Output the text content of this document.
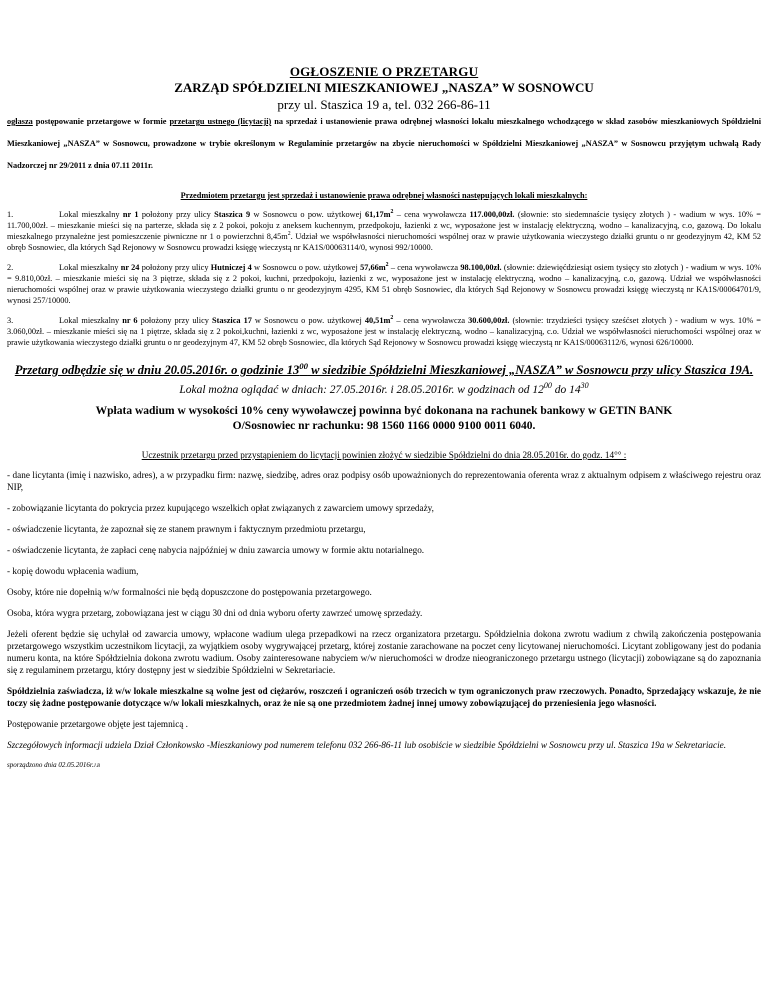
OGŁOSZENIE O PRZETARGU
ZARZĄD SPÓŁDZIELNI MIESZKANIOWEJ „NASZA” W SOSNOWCU
przy ul. Staszica 19 a, tel. 032 266-86-11
ogłasza postępowanie przetargowe w formie przetargu ustnego (licytacji) na sprzedaż i ustanowienie prawa odrębnej własności lokalu mieszkalnego wchodzącego w skład zasobów mieszkaniowych Spółdzielni Mieszkaniowej „NASZA” w Sosnowcu, prowadzone w trybie określonym w Regulaminie przetargów na zbycie nieruchomości w Spółdzielni Mieszkaniowej „NASZA” w Sosnowcu przyjętym uchwałą Rady Nadzorczej nr 29/2011 z dnia 07.11 2011r.
Przedmiotem przetargu jest sprzedaż i ustanowienie prawa odrębnej własności następujących lokali mieszkalnych:
1.	Lokal mieszkalny nr 1 położony przy ulicy Staszica 9 w Sosnowcu o pow. użytkowej $61,17m^2$ – cena wywoławcza 117.000,00zł. (słownie: sto siedemnaście tysięcy złotych ) - wadium w wys. 10% = 11.700,00zł. – mieszkanie mieści się na parterze, składa się z 2 pokoi, pokoju z aneksem kuchennym, przedpokoju, łazienki z wc, wyposażone jest w instalację elektryczną, wodno – kanalizacyjną, c.o, gazową. Do lokalu mieszkalnego przynależne jest pomieszczenie piwniczne nr 1 o powierzchni $8,45m^2$. Udział we współwłasności nieruchomości wspólnej oraz w prawie użytkowania wieczystego działki gruntu o nr geodezyjnym 42, KM 52 obręb Sosnowiec, dla których Sąd Rejonowy w Sosnowcu prowadzi księgę wieczystą nr KA1S/00063114/0, wynosi 992/10000.
2.	Lokal mieszkalny nr 24 położony przy ulicy Hutniczej 4 w Sosnowcu o pow. użytkowej $57,66m^2$ – cena wywoławcza 98.100,00zł. (słownie: dziewięćdziesiąt osiem tysięcy sto złotych ) - wadium w wys. 10% = 9.810,00zł. – mieszkanie mieści się na 3 piętrze, składa się z 2 pokoi, kuchni, przedpokoju, łazienki z wc, wyposażone jest w instalację elektryczną, wodno – kanalizacyjną, c.o, gazową. Udział we współwłasności nieruchomości wspólnej oraz w prawie użytkowania wieczystego działki gruntu o nr geodezyjnym 4295, KM 51 obręb Sosnowiec, dla których Sąd Rejonowy w Sosnowcu prowadzi księgę wieczystą nr KA1S/00064701/9, wynosi 257/10000.
3.	Lokal mieszkalny nr 6 położony przy ulicy Staszica 17 w Sosnowcu o pow. użytkowej $40,51m^2$ – cena wywoławcza 30.600,00zł. (słownie: trzydzieści tysięcy sześćset złotych ) - wadium w wys. 10% = 3.060,00zł. – mieszkanie mieści się na 1 piętrze, składa się z 2 pokoi,kuchni, łazienki z wc, wyposażone jest w instalację elektryczną, wodno – kanalizacyjną, c.o. Udział we współwłasności nieruchomości wspólnej oraz w prawie użytkowania wieczystego działki gruntu o nr geodezyjnym 47, KM 52 obręb Sosnowiec, dla których Sąd Rejonowy w Sosnowcu prowadzi księgę wieczystą nr KA1S/00063112/6, wynosi 626/10000.
Przetarg odbędzie się w dniu 20.05.2016r. o godzinie $13^{00}$ w siedzibie Spółdzielni Mieszkaniowej „NASZA” w Sosnowcu przy ulicy Staszica 19A.
Lokal można oglądać w dniach: 27.05.2016r. i 28.05.2016r. w godzinach od $12^{00}$ do $14^{30}$
Wpłata wadium w wysokości 10% ceny wywoławczej powinna być dokonana na rachunek bankowy w GETIN BANK
O/Sosnowiec nr rachunku: 98 1560 1166 0000 9100 0011 6040.
Uczestnik przetargu przed przystąpieniem do licytacji powinien złożyć w siedzibie Spółdzielni do dnia 28.05.2016r. do godz. 14°° :
- dane licytanta (imię i nazwisko, adres), a w przypadku firm: nazwę, siedzibę, adres oraz podpisy osób upoważnionych do reprezentowania oferenta wraz z aktualnym odpisem z właściwego rejestru oraz NIP,
- zobowiązanie licytanta do pokrycia przez kupującego wszelkich opłat związanych z zawarciem umowy sprzedaży,
- oświadczenie licytanta, że zapoznał się ze stanem prawnym i faktycznym przedmiotu przetargu,
- oświadczenie licytanta, że zapłaci cenę nabycia najpóźniej w dniu zawarcia umowy w formie aktu notarialnego.
- kopię dowodu wpłacenia wadium,
Osoby, które nie dopełnią w/w formalności nie będą dopuszczone do postępowania przetargowego.
Osoba, która wygra przetarg, zobowiązana jest w ciągu 30 dni od dnia wyboru oferty zawrzeć umowę sprzedaży.
Jeżeli oferent będzie się uchylał od zawarcia umowy, wpłacone wadium ulega przepadkowi na rzecz organizatora przetargu. Spółdzielnia dokona zwrotu wadium z chwilą zakończenia postępowania przetargowego wszystkim uczestnikom licytacji, za wyjątkiem osoby wygrywającej przetarg, której zostanie zarachowane na poczet ceny licytowanej nieruchomości. Licytant zobligowany jest do podania numeru konta, na które Spółdzielnia dokona zwrotu wadium. Osoby zainteresowane nabyciem w/w nieruchomości w drodze nieograniczonego przetargu ustnego (licytacji) zobowiązane są do zapoznania się z regulaminem przetargu, który dostępny jest w siedzibie Spółdzielni w Sekretariacie.
Spółdzielnia zaświadcza, iż w/w lokale mieszkalne są wolne jest od ciężarów, roszczeń i ograniczeń osób trzecich w tym ograniczonych praw rzeczowych. Ponadto, Sprzedający wskazuje, że nie toczy się żadne postępowanie dotyczące w/w lokali mieszkalnych, oraz że nie są one przedmiotem żadnej innej umowy zobowiązującej do przeniesienia jego własności.
Postępowanie przetargowe objęte jest tajemnicą .
Szczegółowych informacji udziela Dział Członkowsko -Mieszkaniowy pod numerem telefonu 032 266-86-11 lub osobiście w siedzibie Spółdzielni w Sosnowcu przy ul. Staszica 19a w Sekretariacie.
sporządzono dnia 02.05.2016r.J.B
